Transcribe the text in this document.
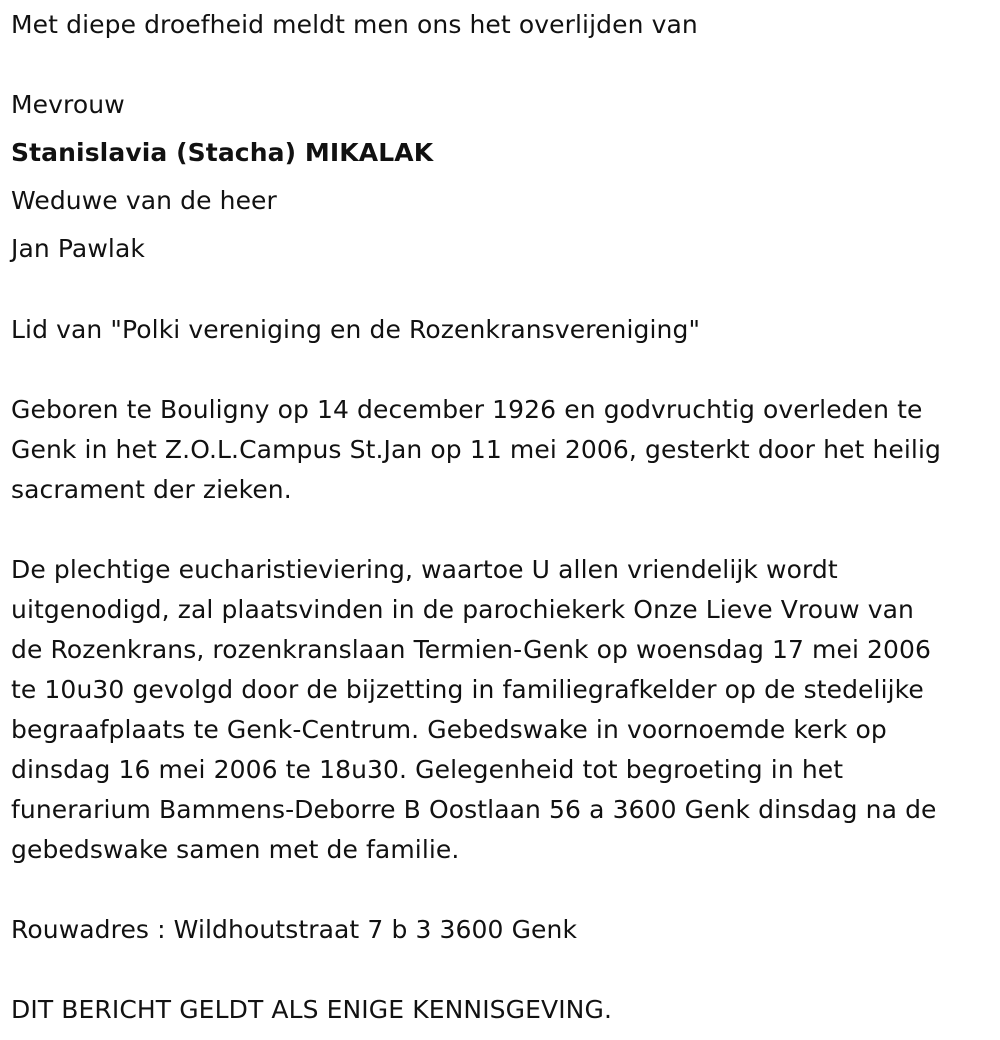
Met diepe droefheid meldt men ons het overlijden van
Mevrouw
Stanislavia (Stacha) MIKALAK
Weduwe van de heer
Jan Pawlak
Lid van "Polki vereniging en de Rozenkransvereniging"
Geboren te Bouligny op 14 december 1926 en godvruchtig overleden te
Genk in het Z.O.L.Campus St.Jan op 11 mei 2006, gesterkt door het heilig
sacrament der zieken.
De plechtige eucharistieviering, waartoe U allen vriendelijk wordt
uitgenodigd, zal plaatsvinden in de parochiekerk Onze Lieve Vrouw van
de Rozenkrans, rozenkranslaan Termien-Genk op woensdag 17 mei 2006
te 10u30 gevolgd door de bijzetting in familiegrafkelder op de stedelijke
begraafplaats te Genk-Centrum. Gebedswake in voornoemde kerk op
dinsdag 16 mei 2006 te 18u30. Gelegenheid tot begroeting in het
funerarium Bammens-Deborre B Oostlaan 56 a 3600 Genk dinsdag na de
gebedswake samen met de familie.
Rouwadres : Wildhoutstraat 7 b 3 3600 Genk
DIT BERICHT GELDT ALS ENIGE KENNISGEVING.
